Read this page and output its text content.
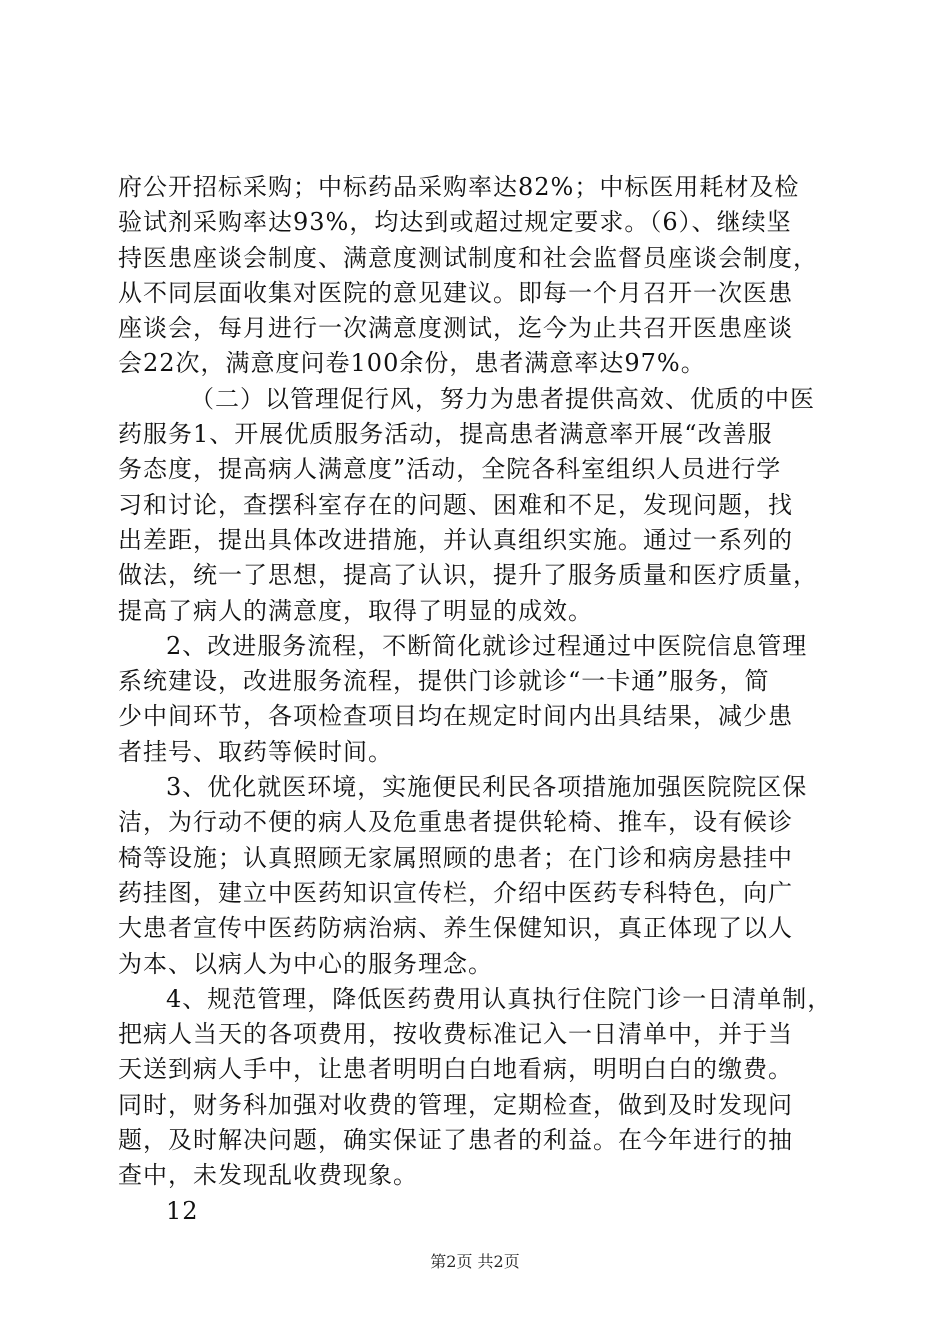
府公开招标采购；中标药品采购率达82%；中标医用耗材及检
验试剂采购率达93%，均达到或超过规定要求。（6）、继续坚
持医患座谈会制度、满意度测试制度和社会监督员座谈会制度，
从不同层面收集对医院的意见建议。即每一个月召开一次医患
座谈会，每月进行一次满意度测试，迄今为止共召开医患座谈
会22次，满意度问卷100余份，患者满意率达97%。
（二）以管理促行风，努力为患者提供高效、优质的中医
药服务1、开展优质服务活动，提高患者满意率开展“改善服
务态度，提高病人满意度”活动，全院各科室组织人员进行学
习和讨论，查摆科室存在的问题、困难和不足，发现问题，找
出差距，提出具体改进措施，并认真组织实施。通过一系列的
做法，统一了思想，提高了认识，提升了服务质量和医疗质量，
提高了病人的满意度，取得了明显的成效。
2、改进服务流程，不断简化就诊过程通过中医院信息管理
系统建设，改进服务流程，提供门诊就诊“一卡通”服务，简
少中间环节，各项检查项目均在规定时间内出具结果，减少患
者挂号、取药等候时间。
3、优化就医环境，实施便民利民各项措施加强医院院区保
洁，为行动不便的病人及危重患者提供轮椅、推车，设有候诊
椅等设施；认真照顾无家属照顾的患者；在门诊和病房悬挂中
药挂图，建立中医药知识宣传栏，介绍中医药专科特色，向广
大患者宣传中医药防病治病、养生保健知识，真正体现了以人
为本、以病人为中心的服务理念。
4、规范管理，降低医药费用认真执行住院门诊一日清单制，
把病人当天的各项费用，按收费标准记入一日清单中，并于当
天送到病人手中，让患者明明白白地看病，明明白白的缴费。
同时，财务科加强对收费的管理，定期检查，做到及时发现问
题，及时解决问题，确实保证了患者的利益。在今年进行的抽
查中，未发现乱收费现象。
12
第2页 共2页
